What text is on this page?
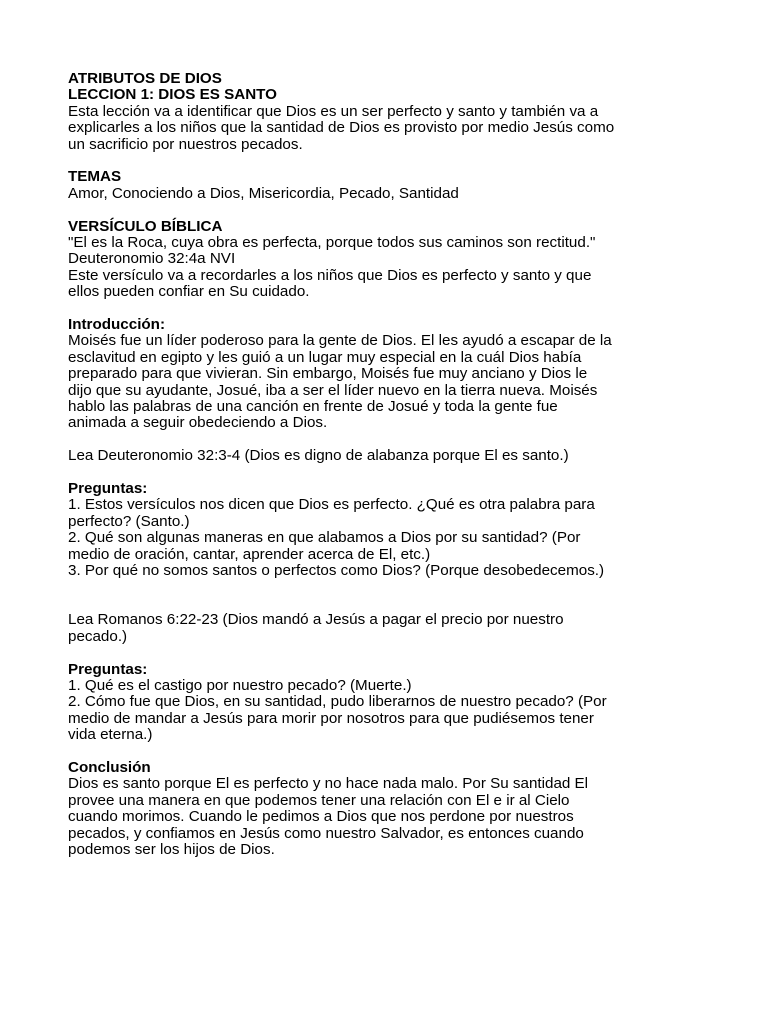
ATRIBUTOS DE DIOS
LECCION 1: DIOS ES SANTO
Esta lección va a identificar que Dios es un ser perfecto y santo y también va a
explicarles a los niños que la santidad de Dios es provisto por medio Jesús como
un sacrificio por nuestros pecados.
TEMAS
Amor, Conociendo a Dios, Misericordia, Pecado, Santidad
VERSÍCULO BÍBLICA
"El es la Roca, cuya obra es perfecta, porque todos sus caminos son rectitud."
Deuteronomio 32:4a NVI
Este versículo va a recordarles a los niños que Dios es perfecto y santo y que
ellos pueden confiar en Su cuidado.
Introducción:
Moisés fue un líder poderoso para la gente de Dios. El les ayudó a escapar de la
esclavitud en egipto y les guió a un lugar muy especial en la cuál Dios había
preparado para que vivieran. Sin embargo, Moisés fue muy anciano y Dios le
dijo que su ayudante, Josué, iba a ser el líder nuevo en la tierra nueva. Moisés
hablo las palabras de una canción en frente de Josué y toda la gente fue
animada a seguir obedeciendo a Dios.
Lea Deuteronomio 32:3-4 (Dios es digno de alabanza porque El es santo.)
Preguntas:
1. Estos versículos nos dicen que Dios es perfecto. ¿Qué es otra palabra para
perfecto? (Santo.)
2. Qué son algunas maneras en que alabamos a Dios por su santidad? (Por
medio de oración, cantar, aprender acerca de El, etc.)
3. Por qué no somos santos o perfectos como Dios? (Porque desobedecemos.)
Lea Romanos 6:22-23 (Dios mandó a Jesús a pagar el precio por nuestro
pecado.)
Preguntas:
1. Qué es el castigo por nuestro pecado? (Muerte.)
2. Cómo fue que Dios, en su santidad, pudo liberarnos de nuestro pecado? (Por
medio de mandar a Jesús para morir por nosotros para que pudiésemos tener
vida eterna.)
Conclusión
Dios es santo porque El es perfecto y no hace nada malo. Por Su santidad El
provee una manera en que podemos tener una relación con El e ir al Cielo
cuando morimos. Cuando le pedimos a Dios que nos perdone por nuestros
pecados, y confiamos en Jesús como nuestro Salvador, es entonces cuando
podemos ser los hijos de Dios.
